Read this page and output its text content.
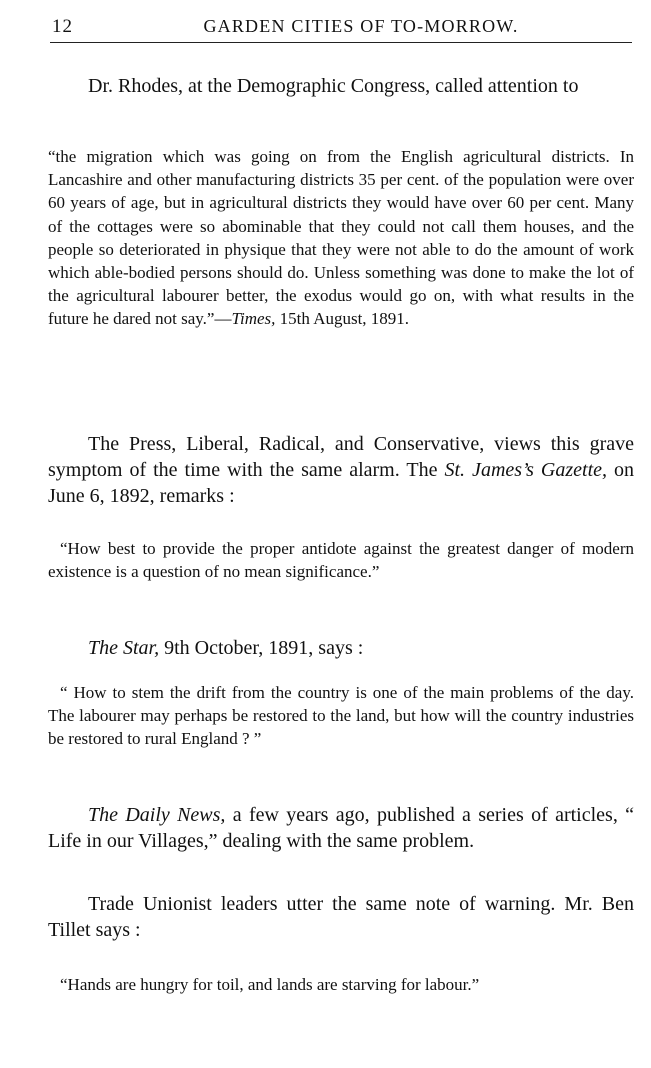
12	GARDEN CITIES OF TO-MORROW.

Dr. Rhodes, at the Demographic Congress, called attention to

“the migration which was going on from the English agricultural districts. In Lancashire and other manufacturing districts 35 per cent. of the population were over 60 years of age, but in agricultural districts they would have over 60 per cent. Many of the cottages were so abominable that they could not call them houses, and the people so deteriorated in physique that they were not able to do the amount of work which able-bodied persons should do. Unless something was done to make the lot of the agricultural labourer better, the exodus would go on, with what results in the future he dared not say.”—Times, 15th August, 1891.

The Press, Liberal, Radical, and Conservative, views this grave symptom of the time with the same alarm. The St. James’s Gazette, on June 6, 1892, remarks :

“How best to provide the proper antidote against the greatest danger of modern existence is a question of no mean significance.”

The Star, 9th October, 1891, says :

“ How to stem the drift from the country is one of the main problems of the day. The labourer may perhaps be restored to the land, but how will the country industries be restored to rural England ? ”

The Daily News, a few years ago, published a series of articles, “ Life in our Villages,” dealing with the same problem.

Trade Unionist leaders utter the same note of warning. Mr. Ben Tillet says :

“Hands are hungry for toil, and lands are starving for labour.”
